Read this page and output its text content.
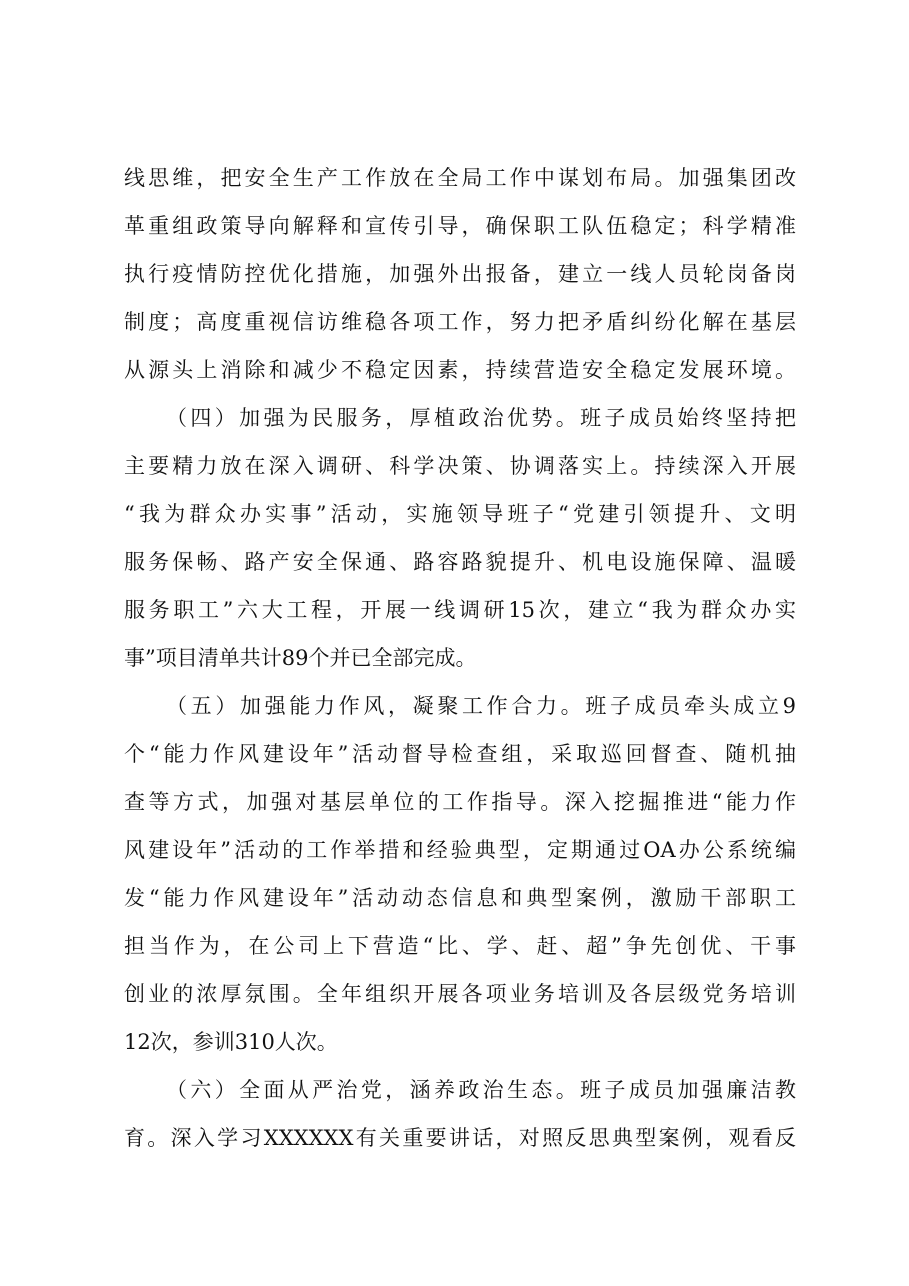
线思维，把安全生产工作放在全局工作中谋划布局。加强集团改
革重组政策导向解释和宣传引导，确保职工队伍稳定；科学精准
执行疫情防控优化措施，加强外出报备，建立一线人员轮岗备岗
制度；高度重视信访维稳各项工作，努力把矛盾纠纷化解在基层
从源头上消除和减少不稳定因素，持续营造安全稳定发展环境。
（四）加强为民服务，厚植政治优势。班子成员始终坚持把
主要精力放在深入调研、科学决策、协调落实上。持续深入开展
“我为群众办实事”活动，实施领导班子“党建引领提升、文明
服务保畅、路产安全保通、路容路貌提升、机电设施保障、温暖
服务职工”六大工程，开展一线调研15次，建立“我为群众办实
事”项目清单共计89个并已全部完成。
（五）加强能力作风，凝聚工作合力。班子成员牵头成立9
个“能力作风建设年”活动督导检查组，采取巡回督查、随机抽
查等方式，加强对基层单位的工作指导。深入挖掘推进“能力作
风建设年”活动的工作举措和经验典型，定期通过OA办公系统编
发“能力作风建设年”活动动态信息和典型案例，激励干部职工
担当作为，在公司上下营造“比、学、赶、超”争先创优、干事
创业的浓厚氛围。全年组织开展各项业务培训及各层级党务培训
12次，参训310人次。
（六）全面从严治党，涵养政治生态。班子成员加强廉洁教
育。深入学习XXXXXX有关重要讲话，对照反思典型案例，观看反
